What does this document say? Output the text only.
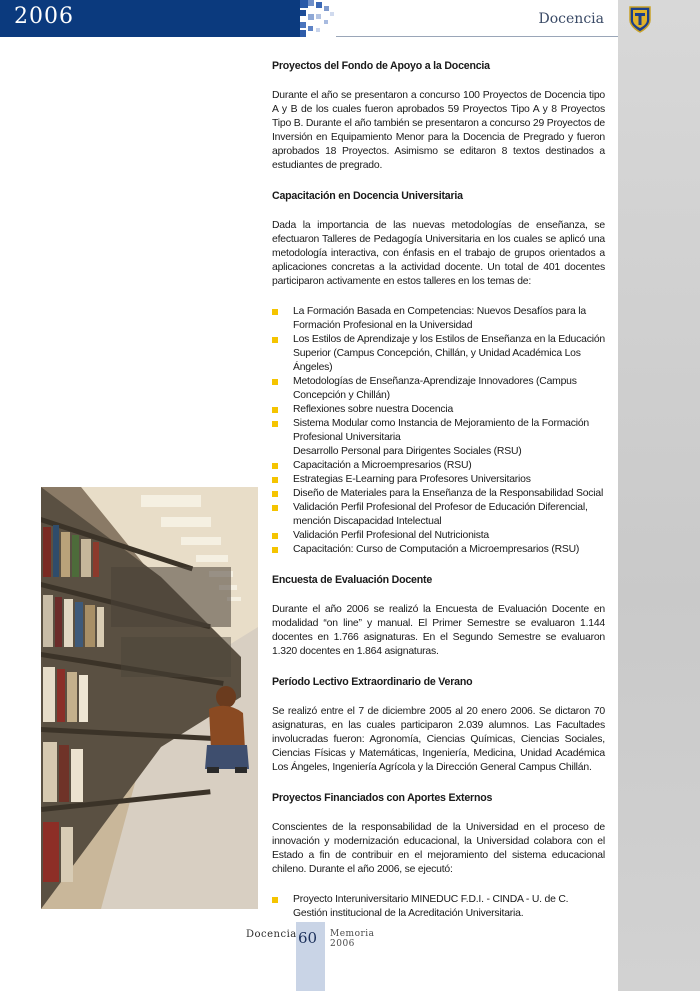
2006	Docencia
Proyectos del Fondo de Apoyo a la Docencia

Durante el año se presentaron a concurso 100 Proyectos de Docencia tipo A y B de los cuales fueron aprobados 59 Proyectos Tipo A y 8 Proyectos Tipo B. Durante el año también se presentaron a concurso 29 Proyectos de Inversión en Equipamiento Menor para la Docencia de Pregrado y fueron aprobados 18 Proyectos. Asimismo se editaron 8 textos destinados a estudiantes de pregrado.

Capacitación en Docencia Universitaria

Dada la importancia de las nuevas metodologías de enseñanza, se efectuaron Talleres de Pedagogía Universitaria en los cuales se aplicó una metodología interactiva, con énfasis en el trabajo de grupos orientados a aplicaciones concretas a la actividad docente. Un total de 401 docentes participaron activamente en estos talleres en los temas de:

La Formación Basada en Competencias: Nuevos Desafíos para la Formación Profesional en la Universidad
Los Estilos de Aprendizaje y los Estilos de Enseñanza en la Educación Superior (Campus Concepción, Chillán, y Unidad Académica Los Ángeles)
Metodologías de Enseñanza-Aprendizaje Innovadores (Campus Concepción y Chillán)
Reflexiones sobre nuestra Docencia
Sistema Modular como Instancia de Mejoramiento de la Formación Profesional Universitaria
Desarrollo Personal para Dirigentes Sociales (RSU)
Capacitación a Microempresarios (RSU)
Estrategias E-Learning para Profesores Universitarios
Diseño de Materiales para la Enseñanza de la Responsabilidad Social
Validación Perfil Profesional del Profesor de Educación Diferencial, mención Discapacidad Intelectual
Validación Perfil Profesional del Nutricionista
Capacitación: Curso de Computación a Microempresarios (RSU)
Encuesta de Evaluación Docente

Durante el año 2006 se realizó la Encuesta de Evaluación Docente en modalidad “on line” y manual. El Primer Semestre se evaluaron 1.144 docentes en 1.766 asignaturas. En el Segundo Semestre se evaluaron 1.320 docentes en 1.864 asignaturas.

Período Lectivo Extraordinario de Verano

Se realizó entre el 7 de diciembre 2005 al 20 enero 2006. Se dictaron 70 asignaturas, en las cuales participaron 2.039 alumnos. Las Facultades involucradas fueron: Agronomía, Ciencias Químicas, Ciencias Sociales, Ciencias Físicas y Matemáticas, Ingeniería, Medicina, Unidad Académica Los Ángeles, Ingeniería Agrícola y la Dirección General Campus Chillán.

Proyectos Financiados con Aportes Externos

Conscientes de la responsabilidad de la Universidad en el proceso de innovación y modernización educacional, la Universidad colabora con el Estado a fin de contribuir en el mejoramiento del sistema educacional chileno. Durante el año 2006, se ejecutó:

Proyecto Interuniversitario MINEDUC F.D.I. - CINDA - U. de C. Gestión institucional de la Acreditación Universitaria.
Docencia 60 Memoria
2006
